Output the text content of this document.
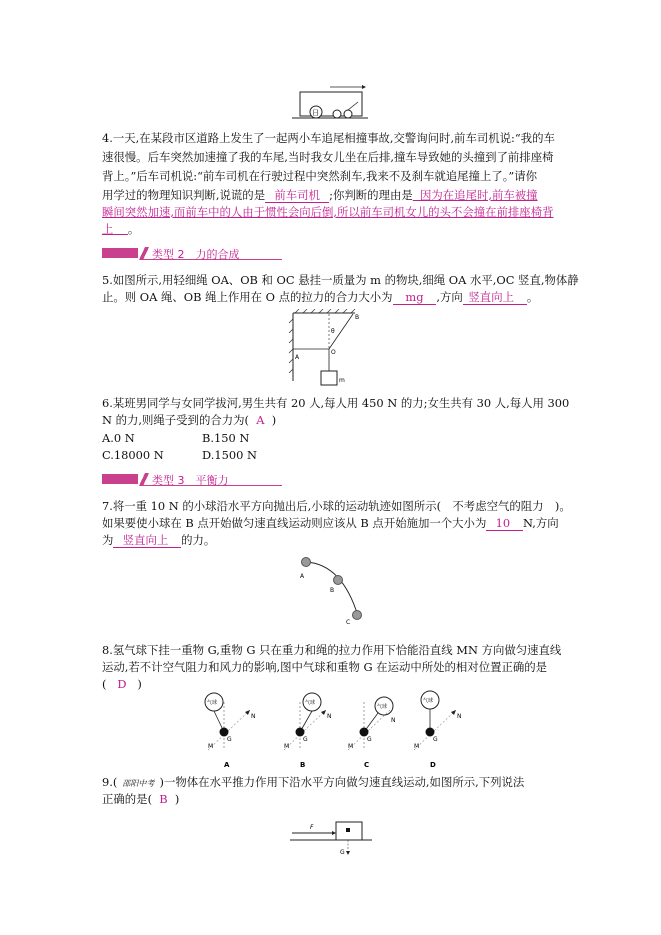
日
4.一天,在某段市区道路上发生了一起两小车追尾相撞事故,交警询问时,前车司机说:“我的车
速很慢。后车突然加速撞了我的车尾,当时我女儿坐在后排,撞车导致她的头撞到了前排座椅
背上。”后车司机说:“前车司机在行驶过程中突然刹车,我来不及刹车就追尾撞上了。”请你
用学过的物理知识判断,说谎的是 前车司机 ;你判断的理由是 因为在追尾时,前车被撞
瞬间突然加速,而前车中的人由于惯性会向后倒,所以前车司机女儿的头不会撞在前排座椅背
上 。
类型 2　力的合成
5.如图所示,用轻细绳 OA、OB 和 OC 悬挂一质量为 m 的物块,细绳 OA 水平,OC 竖直,物体静
止。则 OA 绳、OB 绳上作用在 O 点的拉力的合力大小为 mg ,方向 竖直向上 。
A
B
O
m
θ
6.某班男同学与女同学拔河,男生共有 20 人,每人用 450 N 的力;女生共有 30 人,每人用 300
N 的力,则绳子受到的合力为( A )
A.0 N	B.150 N
C.18000 N	D.1500 N
类型 3　平衡力
7.将一重 10 N 的小球沿水平方向抛出后,小球的运动轨迹如图所示(　不考虑空气的阻力　)。
如果要使小球在 B 点开始做匀速直线运动则应该从 B 点开始施加一个大小为 10 N,方向
为 竖直向上 的力。
A
B
C
8.氢气球下挂一重物 G,重物 G 只在重力和绳的拉力作用下恰能沿直线 MN 方向做匀速直线
运动,若不计空气阻力和风力的影响,图中气球和重物 G 在运动中所处的相对位置正确的是
( D )
气球
G
M
N
A
气球
G
M
N
B
气球
G
M
N
C
气球
G
M
N
D
9.( 邵阳中考 )一物体在水平推力作用下沿水平方向做匀速直线运动,如图所示,下列说法
正确的是( B )
F
G
